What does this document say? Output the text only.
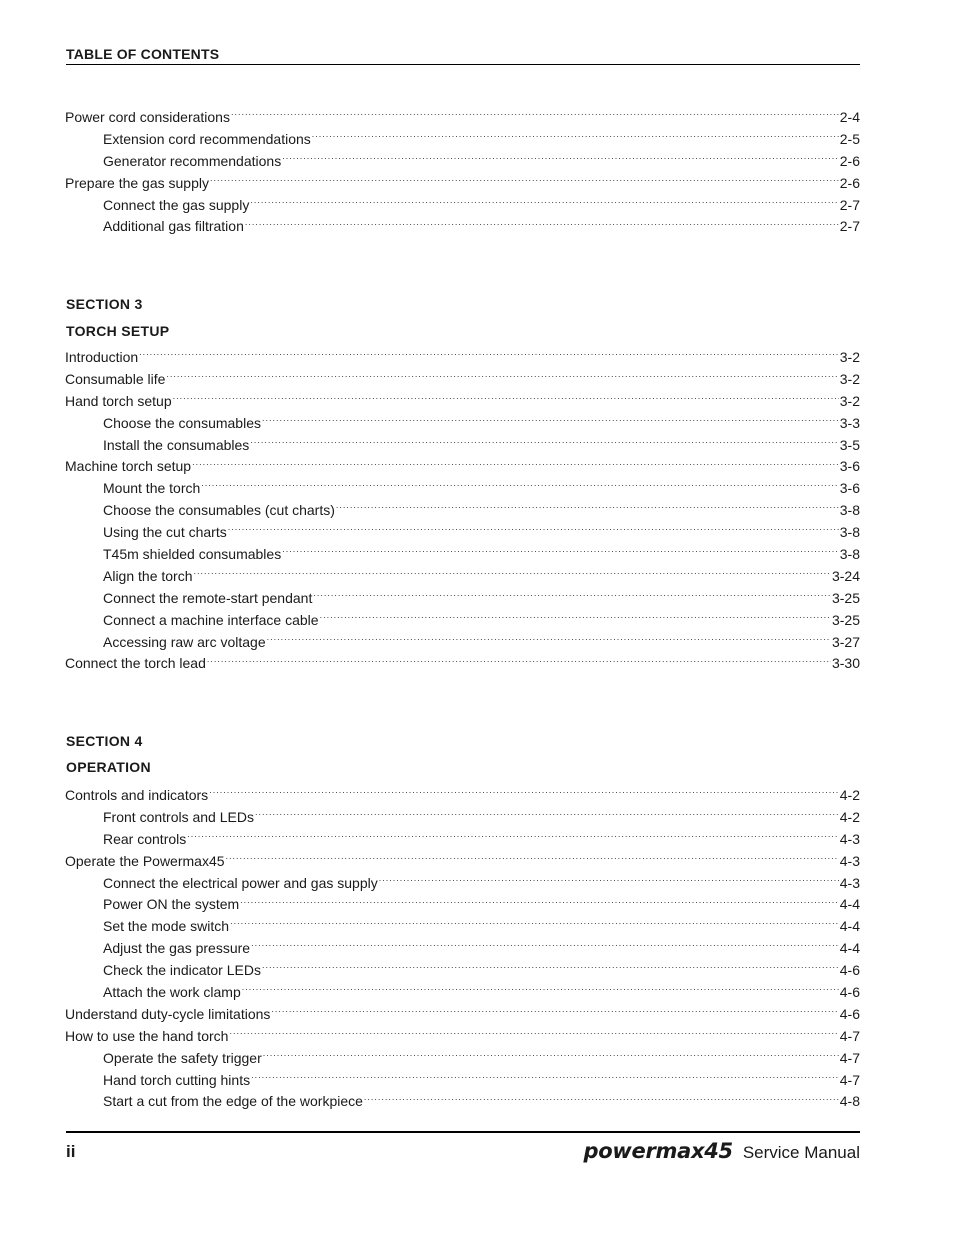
TABLE OF CONTENTS
Power cord considerations .....	2-4
Extension cord recommendations .....	2-5
Generator recommendations .....	2-6
Prepare the gas supply .....	2-6
Connect the gas supply .....	2-7
Additional gas filtration .....	2-7
SECTION 3
TORCH SETUP
Introduction .....	3-2
Consumable life .....	3-2
Hand torch setup .....	3-2
Choose the consumables .....	3-3
Install the consumables .....	3-5
Machine torch setup .....	3-6
Mount the torch .....	3-6
Choose the consumables (cut charts) .....	3-8
Using the cut charts .....	3-8
T45m shielded consumables .....	3-8
Align the torch .....	3-24
Connect the remote-start pendant .....	3-25
Connect a machine interface cable .....	3-25
Accessing raw arc voltage .....	3-27
Connect the torch lead .....	3-30
SECTION 4
OPERATION
Controls and indicators .....	4-2
Front controls and LEDs .....	4-2
Rear controls .....	4-3
Operate the Powermax45 .....	4-3
Connect the electrical power and gas supply .....	4-3
Power ON the system .....	4-4
Set the mode switch .....	4-4
Adjust the gas pressure .....	4-4
Check the indicator LEDs .....	4-6
Attach the work clamp .....	4-6
Understand duty-cycle limitations .....	4-6
How to use the hand torch .....	4-7
Operate the safety trigger .....	4-7
Hand torch cutting hints .....	4-7
Start a cut from the edge of the workpiece .....	4-8
ii	powermax45 Service Manual
